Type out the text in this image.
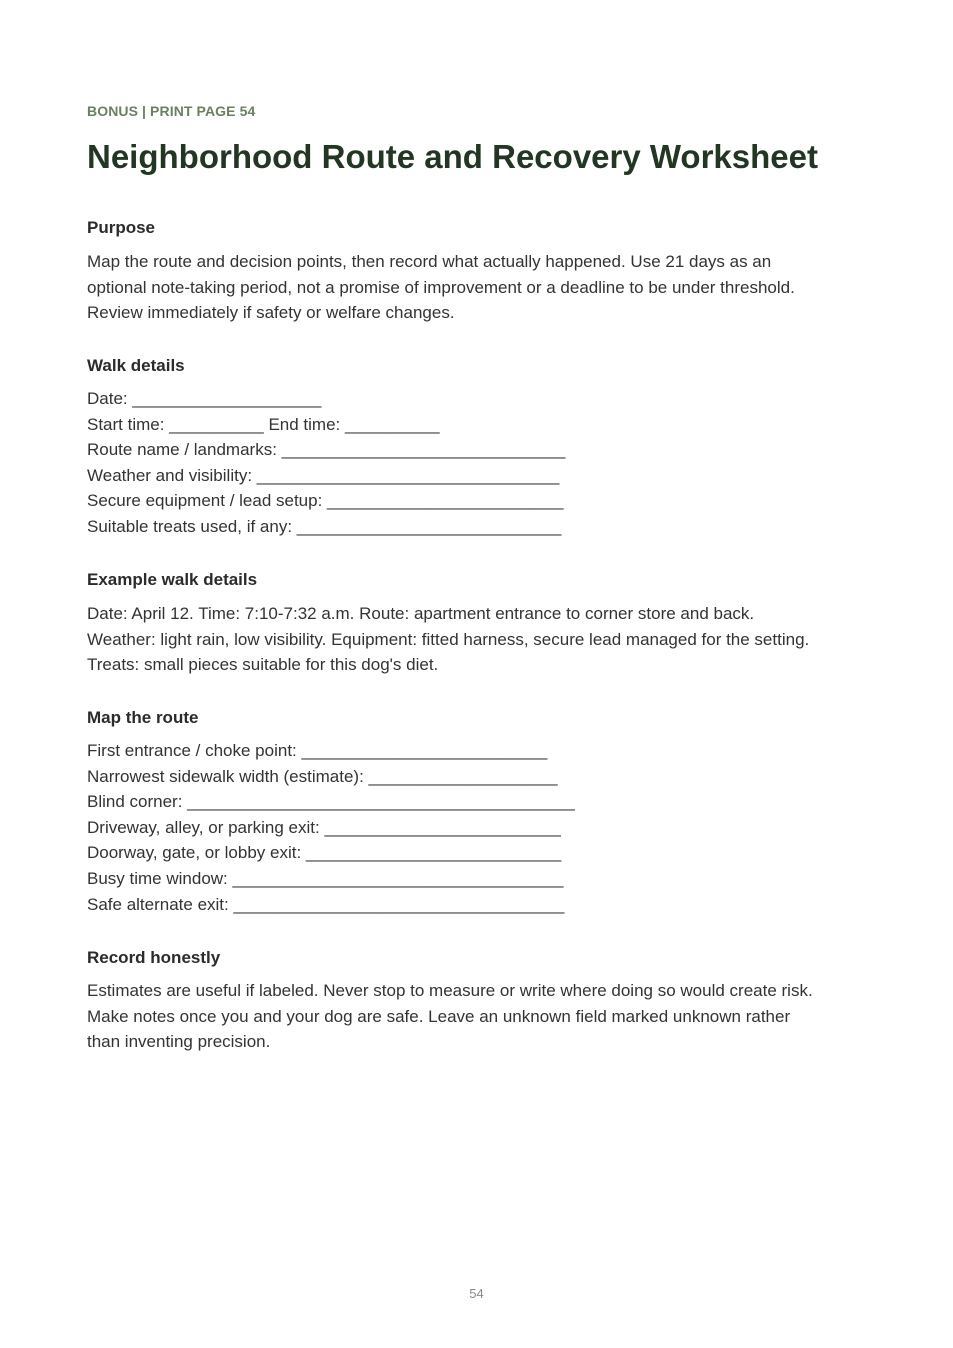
BONUS | PRINT PAGE 54
Neighborhood Route and Recovery Worksheet
Purpose

Map the route and decision points, then record what actually happened. Use 21 days as an
optional note-taking period, not a promise of improvement or a deadline to be under threshold.
Review immediately if safety or welfare changes.

Walk details
Date: ____________________
Start time: __________ End time: __________
Route name / landmarks: ______________________________
Weather and visibility: ________________________________
Secure equipment / lead setup: _________________________
Suitable treats used, if any: ____________________________
Example walk details

Date: April 12. Time: 7:10-7:32 a.m. Route: apartment entrance to corner store and back.
Weather: light rain, low visibility. Equipment: fitted harness, secure lead managed for the setting.
Treats: small pieces suitable for this dog's diet.

Map the route
First entrance / choke point: __________________________
Narrowest sidewalk width (estimate): ____________________
Blind corner: _________________________________________
Driveway, alley, or parking exit: _________________________
Doorway, gate, or lobby exit: ___________________________
Busy time window: ___________________________________
Safe alternate exit: ___________________________________
Record honestly

Estimates are useful if labeled. Never stop to measure or write where doing so would create risk.
Make notes once you and your dog are safe. Leave an unknown field marked unknown rather
than inventing precision.

54
